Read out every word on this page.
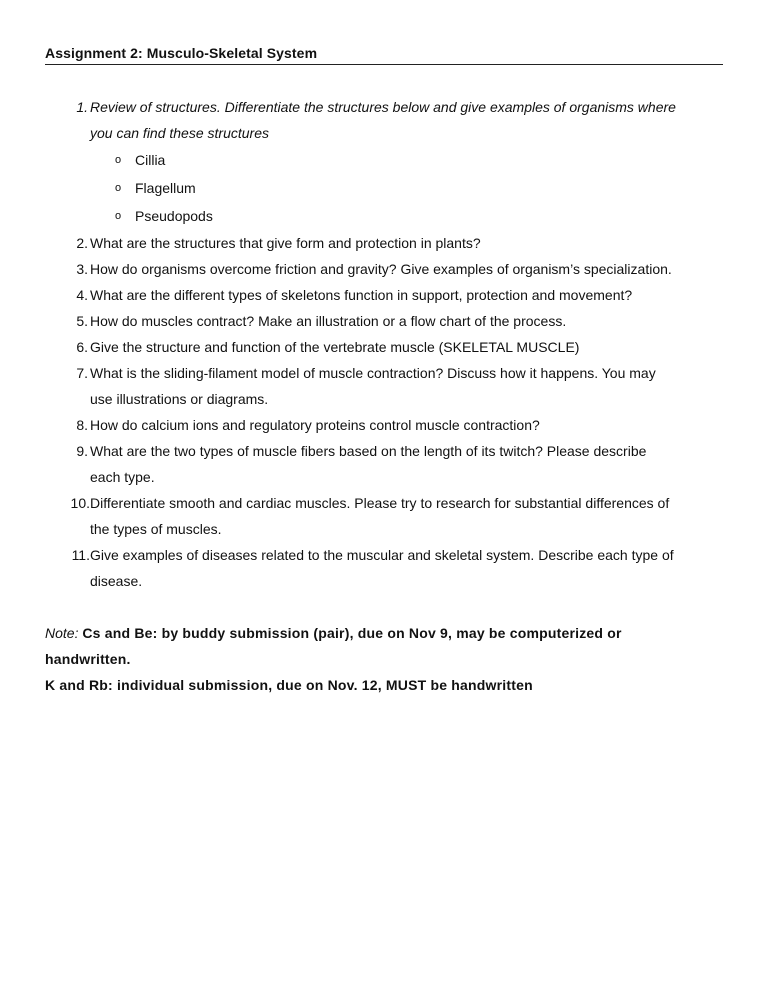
Assignment 2: Musculo-Skeletal System
1. Review of structures. Differentiate the structures below and give examples of organisms where
you can find these structures
o Cillia
o Flagellum
o Pseudopods
2. What are the structures that give form and protection in plants?
3. How do organisms overcome friction and gravity? Give examples of organism’s specialization.
4. What are the different types of skeletons function in support, protection and movement?
5. How do muscles contract? Make an illustration or a flow chart of the process.
6. Give the structure and function of the vertebrate muscle (SKELETAL MUSCLE)
7. What is the sliding-filament model of muscle contraction? Discuss how it happens. You may
use illustrations or diagrams.
8. How do calcium ions and regulatory proteins control muscle contraction?
9. What are the two types of muscle fibers based on the length of its twitch? Please describe
each type.
10. Differentiate smooth and cardiac muscles. Please try to research for substantial differences of
the types of muscles.
11. Give examples of diseases related to the muscular and skeletal system. Describe each type of
disease.
Note: Cs and Be: by buddy submission (pair), due on Nov 9, may be computerized or
handwritten.
K and Rb: individual submission, due on Nov. 12, MUST be handwritten
